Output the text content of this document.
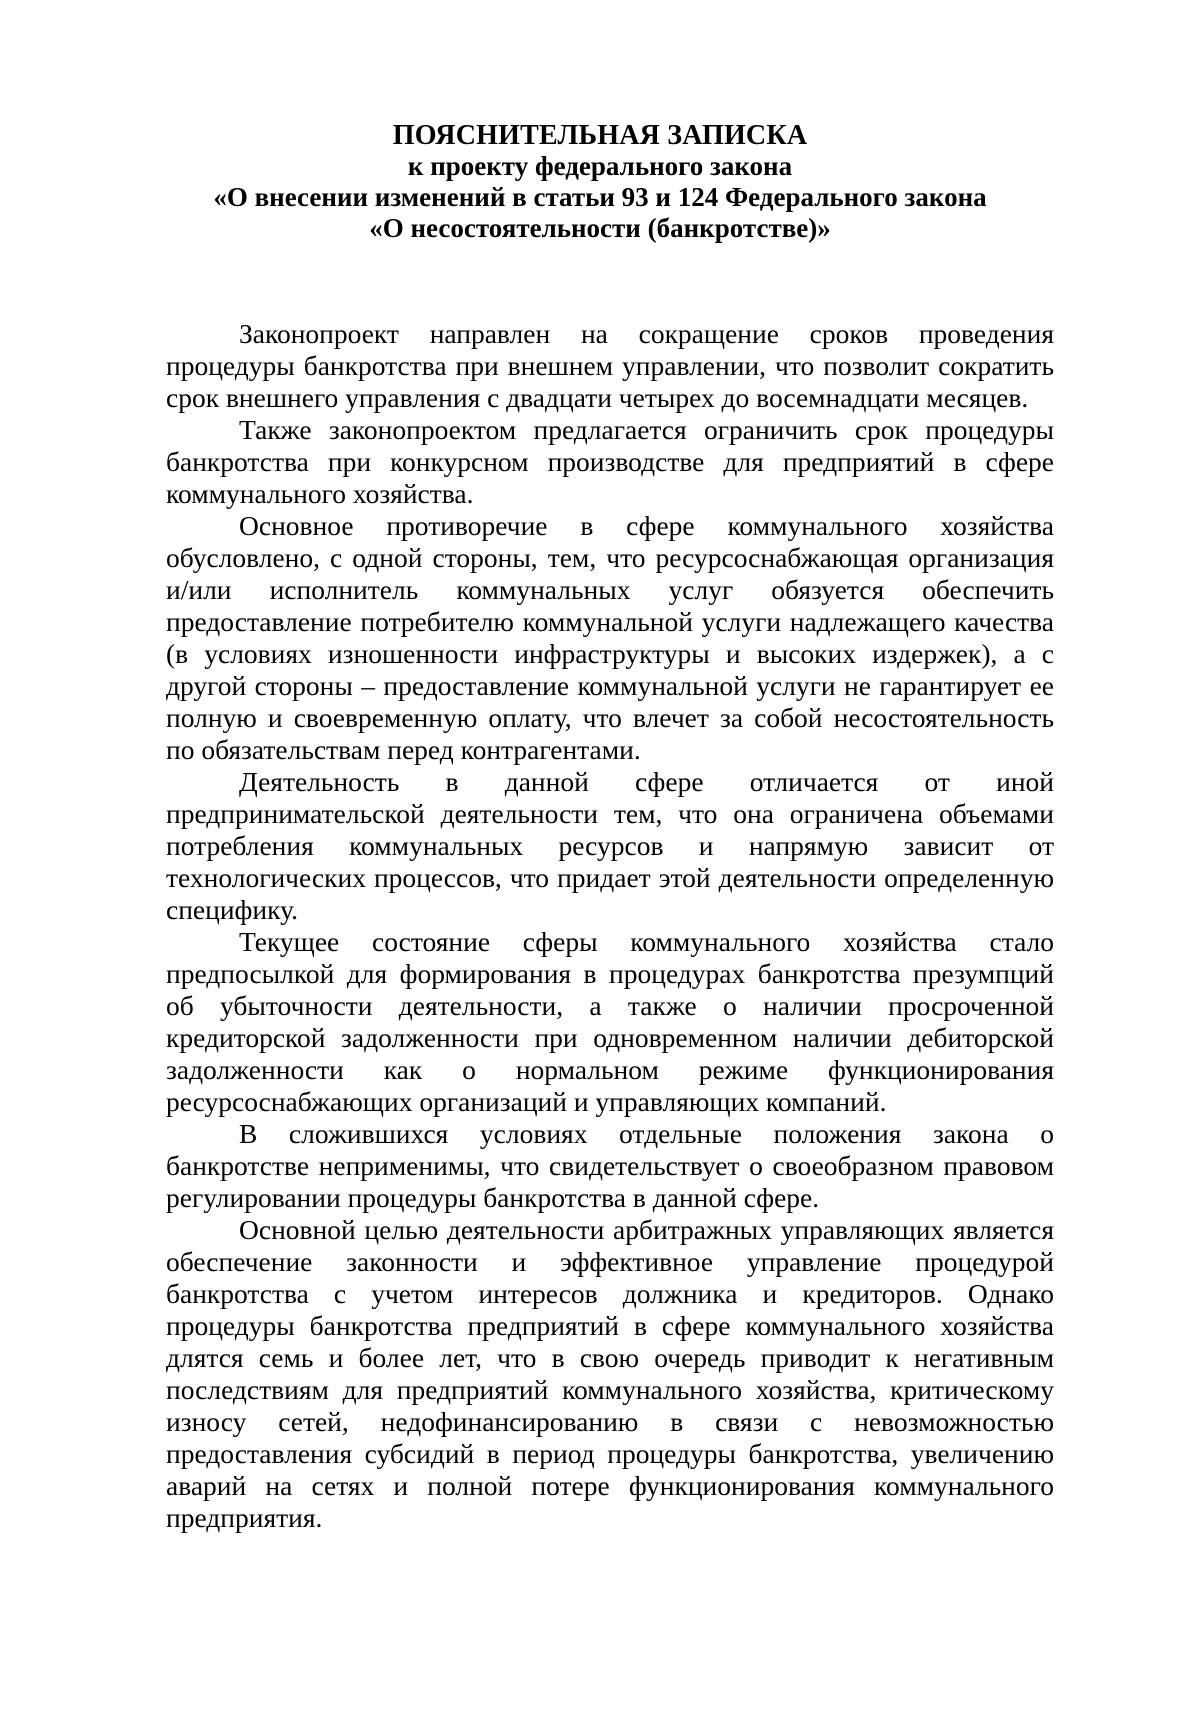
ПОЯСНИТЕЛЬНАЯ ЗАПИСКА
к проекту федерального закона
«О внесении изменений в статьи 93 и 124 Федерального закона
«О несостоятельности (банкротстве)»

Законопроект направлен на сокращение сроков проведения процедуры банкротства при внешнем управлении, что позволит сократить срок внешнего управления с двадцати четырех до восемнадцати месяцев.

Также законопроектом предлагается ограничить срок процедуры банкротства при конкурсном производстве для предприятий в сфере коммунального хозяйства.

Основное противоречие в сфере коммунального хозяйства обусловлено, с одной стороны, тем, что ресурсоснабжающая организация и/или исполнитель коммунальных услуг обязуется обеспечить предоставление потребителю коммунальной услуги надлежащего качества (в условиях изношенности инфраструктуры и высоких издержек), а с другой стороны – предоставление коммунальной услуги не гарантирует ее полную и своевременную оплату, что влечет за собой несостоятельность по обязательствам перед контрагентами.

Деятельность в данной сфере отличается от иной предпринимательской деятельности тем, что она ограничена объемами потребления коммунальных ресурсов и напрямую зависит от технологических процессов, что придает этой деятельности определенную специфику.

Текущее состояние сферы коммунального хозяйства стало предпосылкой для формирования в процедурах банкротства презумпций об убыточности деятельности, а также о наличии просроченной кредиторской задолженности при одновременном наличии дебиторской задолженности как о нормальном режиме функционирования ресурсоснабжающих организаций и управляющих компаний.

В сложившихся условиях отдельные положения закона о банкротстве неприменимы, что свидетельствует о своеобразном правовом регулировании процедуры банкротства в данной сфере.

Основной целью деятельности арбитражных управляющих является обеспечение законности и эффективное управление процедурой банкротства с учетом интересов должника и кредиторов. Однако процедуры банкротства предприятий в сфере коммунального хозяйства длятся семь и более лет, что в свою очередь приводит к негативным последствиям для предприятий коммунального хозяйства, критическому износу сетей, недофинансированию в связи с невозможностью предоставления субсидий в период процедуры банкротства, увеличению аварий на сетях и полной потере функционирования коммунального предприятия.
